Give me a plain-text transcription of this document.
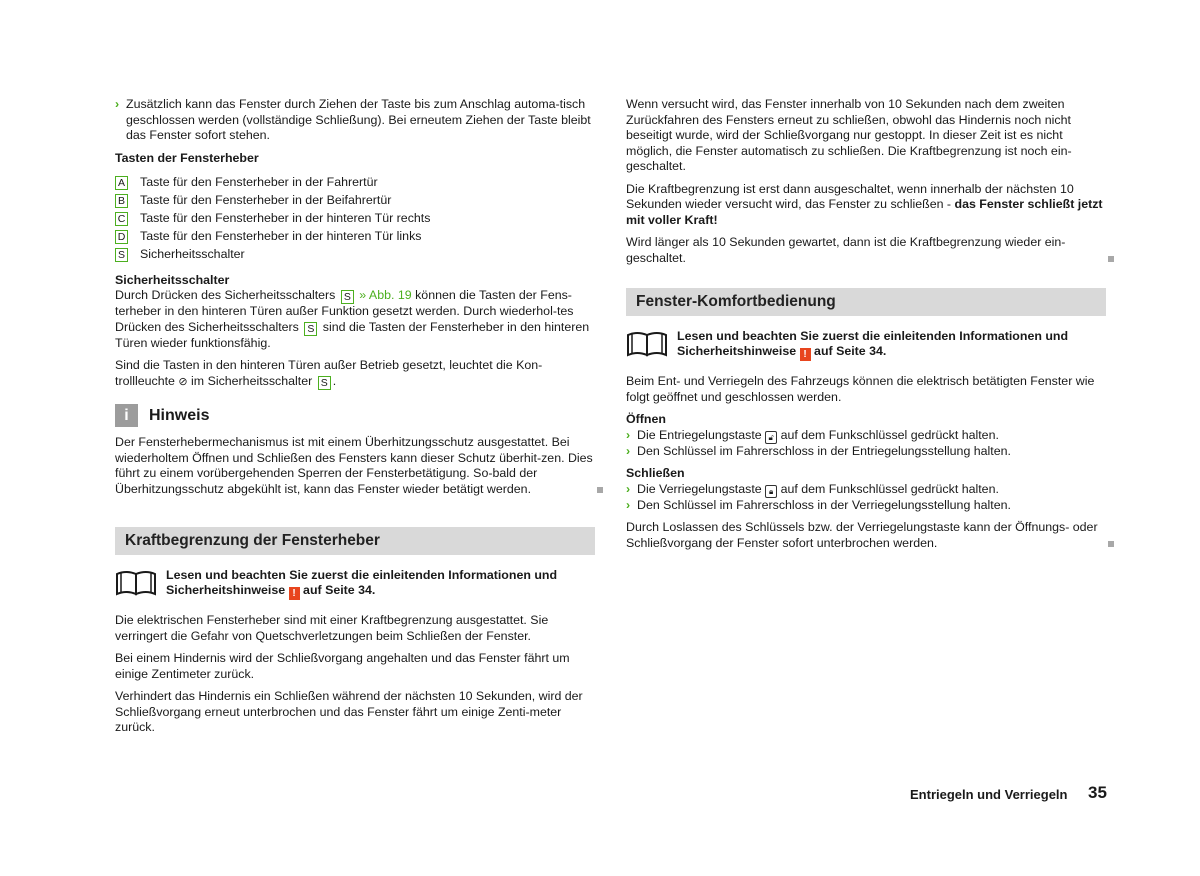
› Zusätzlich kann das Fenster durch Ziehen der Taste bis zum Anschlag automa-tisch geschlossen werden (vollständige Schließung). Bei erneutem Ziehen der Taste bleibt das Fenster sofort stehen.

Tasten der Fensterheber
A Taste für den Fensterheber in der Fahrertür
B Taste für den Fensterheber in der Beifahrertür
C Taste für den Fensterheber in der hinteren Tür rechts
D Taste für den Fensterheber in der hinteren Tür links
S Sicherheitsschalter
Sicherheitsschalter

Durch Drücken des Sicherheitsschalters S » Abb. 19 können die Tasten der Fens-terheber in den hinteren Türen außer Funktion gesetzt werden. Durch wiederhol-tes Drücken des Sicherheitsschalters S sind die Tasten der Fensterheber in den hinteren Türen wieder funktionsfähig.

Sind die Tasten in den hinteren Türen außer Betrieb gesetzt, leuchtet die Kon-trollleuchte ⊘ im Sicherheitsschalter S .

i	Hinweis

Der Fensterhebermechanismus ist mit einem Überhitzungsschutz ausgestattet. Bei wiederholtem Öffnen und Schließen des Fensters kann dieser Schutz überhit-zen. Dies führt zu einem vorübergehenden Sperren der Fensterbetätigung. So-bald der Überhitzungsschutz abgekühlt ist, kann das Fenster wieder betätigt werden.

Kraftbegrenzung der Fensterheber
Lesen und beachten Sie zuerst die einleitenden Informationen und Sicherheitshinweise ! auf Seite 34.

Die elektrischen Fensterheber sind mit einer Kraftbegrenzung ausgestattet. Sie verringert die Gefahr von Quetschverletzungen beim Schließen der Fenster.

Bei einem Hindernis wird der Schließvorgang angehalten und das Fenster fährt um einige Zentimeter zurück.

Verhindert das Hindernis ein Schließen während der nächsten 10 Sekunden, wird der Schließvorgang erneut unterbrochen und das Fenster fährt um einige Zenti-meter zurück.

Wenn versucht wird, das Fenster innerhalb von 10 Sekunden nach dem zweiten Zurückfahren des Fensters erneut zu schließen, obwohl das Hindernis noch nicht beseitigt wurde, wird der Schließvorgang nur gestoppt. In dieser Zeit ist es nicht möglich, die Fenster automatisch zu schließen. Die Kraftbegrenzung ist noch ein-geschaltet.

Die Kraftbegrenzung ist erst dann ausgeschaltet, wenn innerhalb der nächsten 10 Sekunden wieder versucht wird, das Fenster zu schließen - das Fenster schließt jetzt mit voller Kraft!

Wird länger als 10 Sekunden gewartet, dann ist die Kraftbegrenzung wieder ein-geschaltet.

Fenster-Komfortbedienung
Lesen und beachten Sie zuerst die einleitenden Informationen und Sicherheitshinweise ! auf Seite 34.

Beim Ent- und Verriegeln des Fahrzeugs können die elektrisch betätigten Fenster wie folgt geöffnet und geschlossen werden.

Öffnen

› Die Entriegelungstaste 🔓︎ auf dem Funkschlüssel gedrückt halten.

› Den Schlüssel im Fahrerschloss in der Entriegelungsstellung halten.

Schließen

› Die Verriegelungstaste 🔒︎ auf dem Funkschlüssel gedrückt halten.

› Den Schlüssel im Fahrerschloss in der Verriegelungsstellung halten.

Durch Loslassen des Schlüssels bzw. der Verriegelungstaste kann der Öffnungs- oder Schließvorgang der Fenster sofort unterbrochen werden.

Entriegeln und Verriegeln 35
